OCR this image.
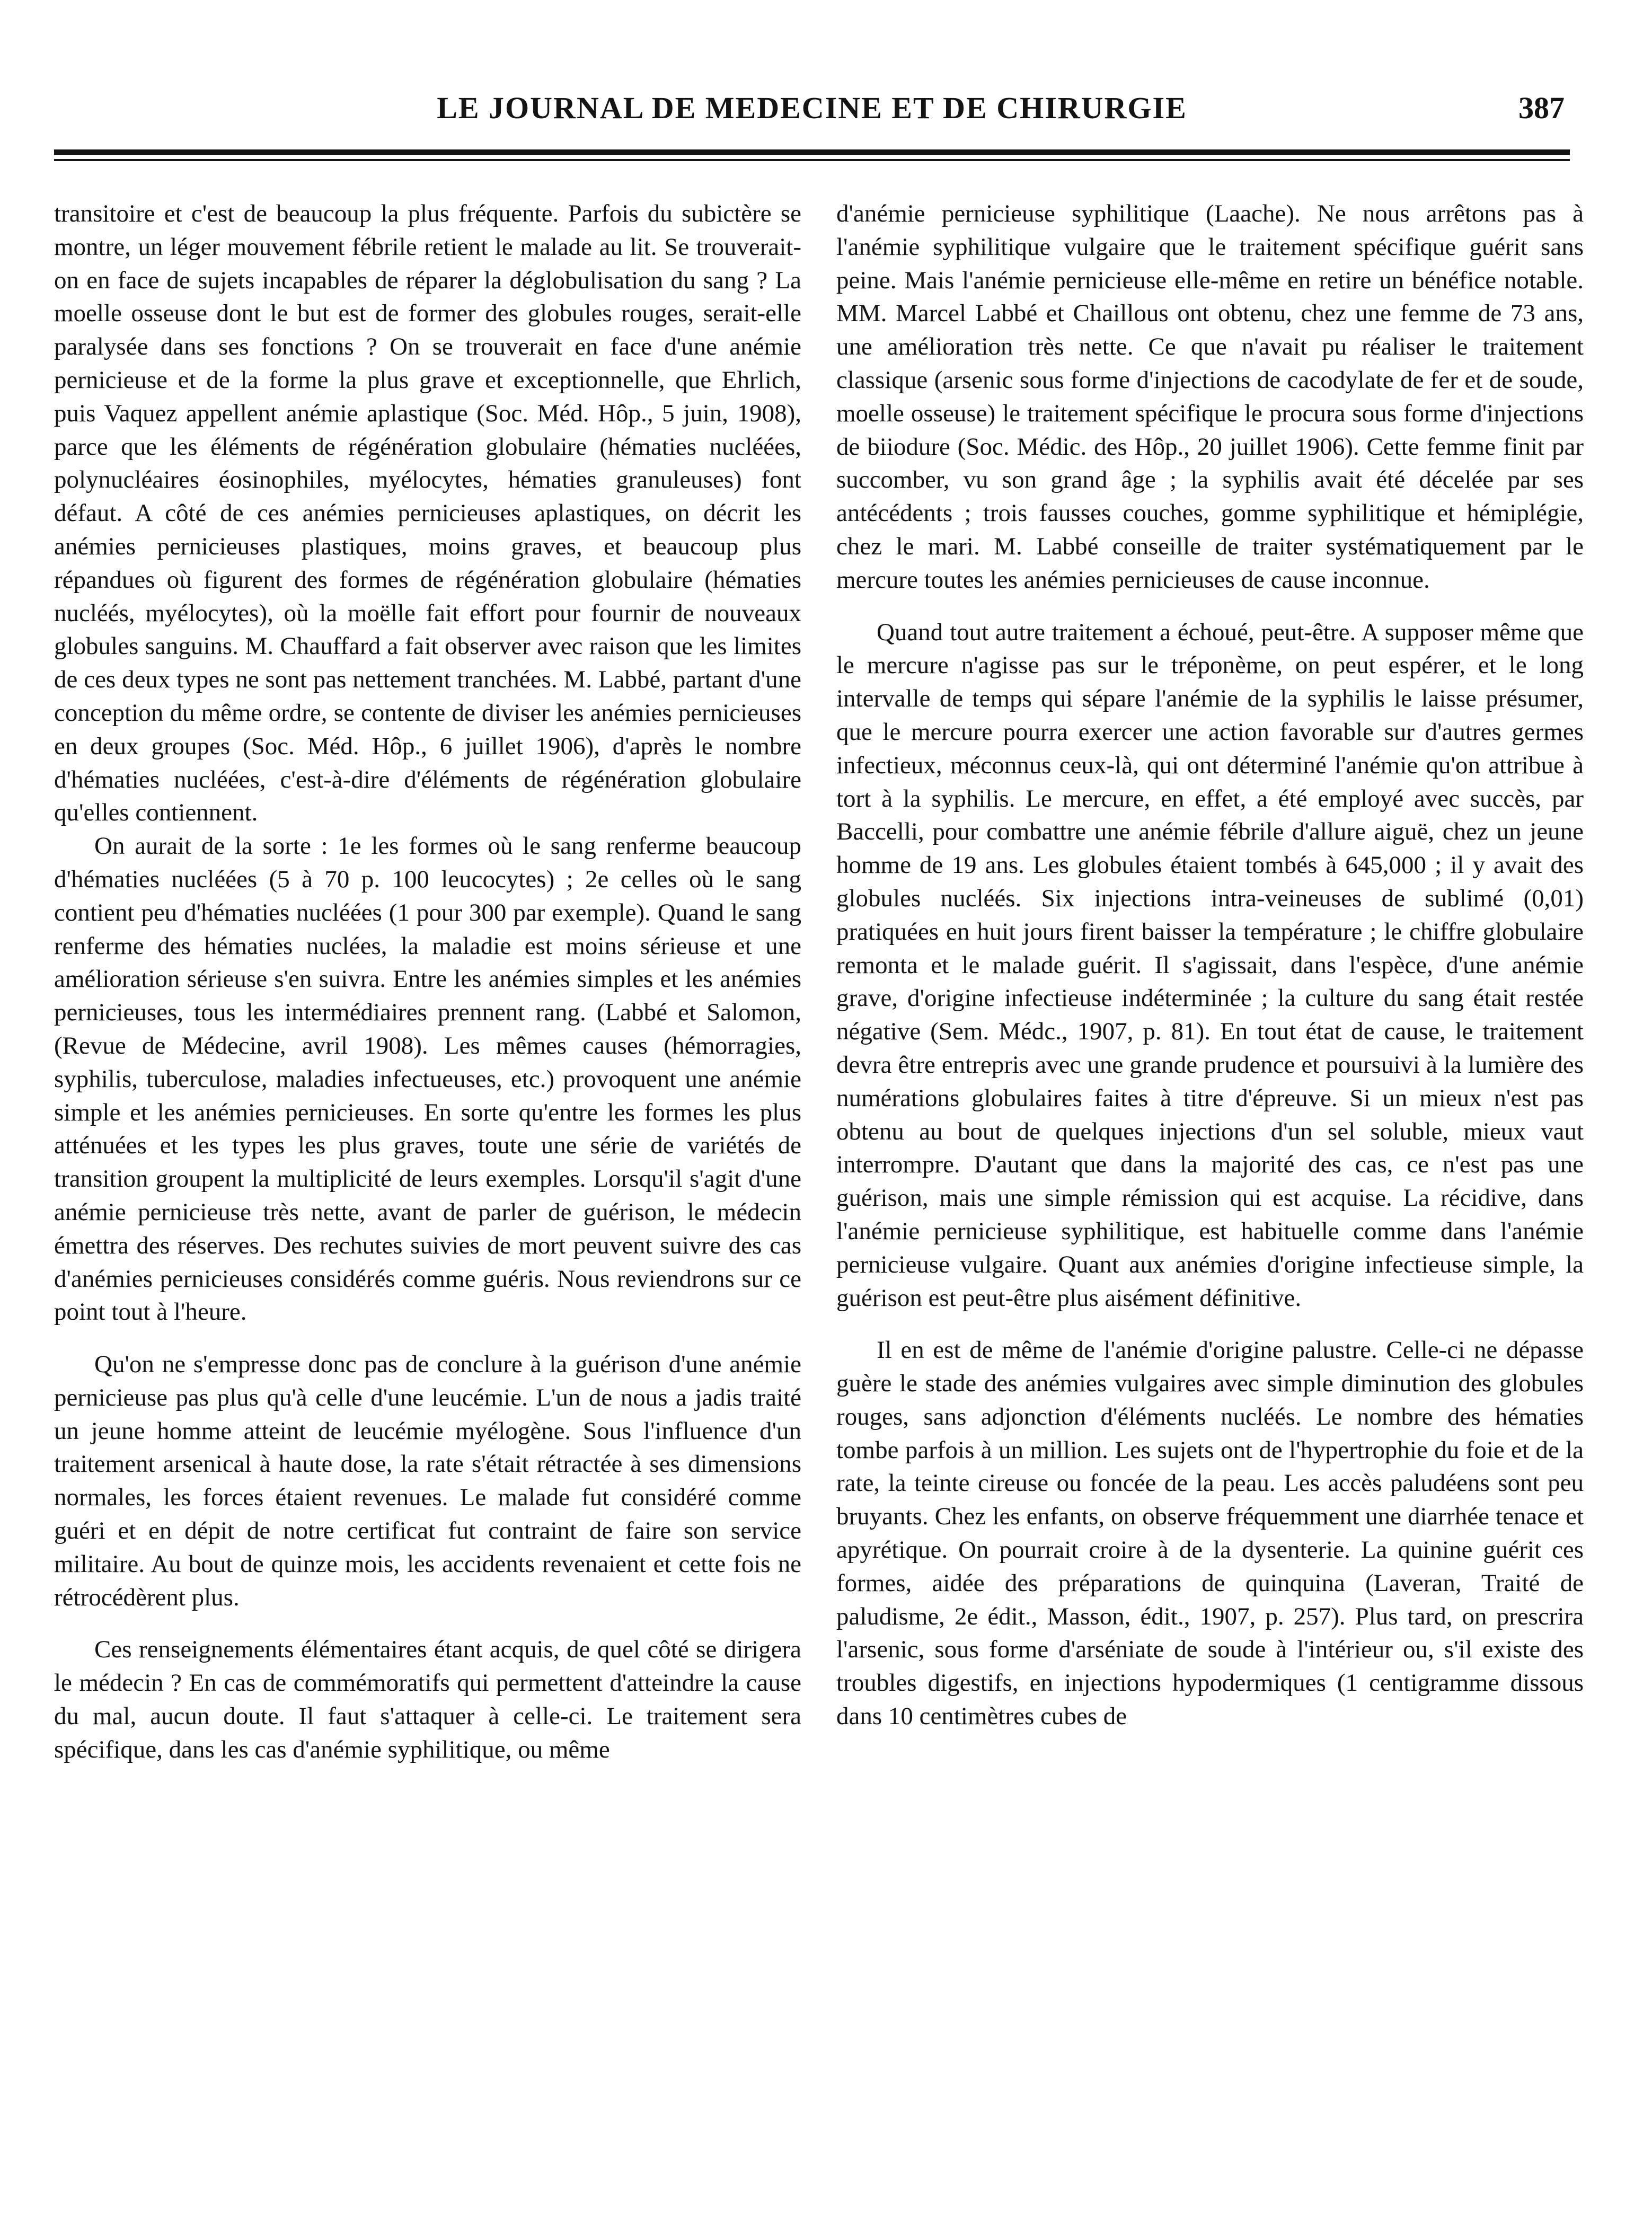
LE JOURNAL DE MEDECINE ET DE CHIRURGIE	387

transitoire et c'est de beaucoup la plus fréquente. Parfois du subictère se montre, un léger mouvement fébrile retient le malade au lit. Se trouverait-on en face de sujets incapables de réparer la déglobulisation du sang ? La moelle osseuse dont le but est de former des globules rouges, serait-elle paralysée dans ses fonctions ? On se trouverait en face d'une anémie pernicieuse et de la forme la plus grave et exceptionnelle, que Ehrlich, puis Vaquez appellent anémie aplastique (Soc. Méd. Hôp., 5 juin, 1908), parce que les éléments de régénération globulaire (hématies nucléées, polynucléaires éosinophiles, myélocytes, hématies granuleuses) font défaut. A côté de ces anémies pernicieuses aplastiques, on décrit les anémies pernicieuses plastiques, moins graves, et beaucoup plus répandues où figurent des formes de régénération globulaire (hématies nucléés, myélocytes), où la moëlle fait effort pour fournir de nouveaux globules sanguins. M. Chauffard a fait observer avec raison que les limites de ces deux types ne sont pas nettement tranchées. M. Labbé, partant d'une conception du même ordre, se contente de diviser les anémies pernicieuses en deux groupes (Soc. Méd. Hôp., 6 juillet 1906), d'après le nombre d'hématies nucléées, c'est-à-dire d'éléments de régénération globulaire qu'elles contiennent.

On aurait de la sorte : 1e les formes où le sang renferme beaucoup d'hématies nucléées (5 à 70 p. 100 leucocytes) ; 2e celles où le sang contient peu d'hématies nucléées (1 pour 300 par exemple). Quand le sang renferme des hématies nuclées, la maladie est moins sérieuse et une amélioration sérieuse s'en suivra. Entre les anémies simples et les anémies pernicieuses, tous les intermédiaires prennent rang. (Labbé et Salomon, (Revue de Médecine, avril 1908). Les mêmes causes (hémorragies, syphilis, tuberculose, maladies infectueuses, etc.) provoquent une anémie simple et les anémies pernicieuses. En sorte qu'entre les formes les plus atténuées et les types les plus graves, toute une série de variétés de transition groupent la multiplicité de leurs exemples. Lorsqu'il s'agit d'une anémie pernicieuse très nette, avant de parler de guérison, le médecin émettra des réserves. Des rechutes suivies de mort peuvent suivre des cas d'anémies pernicieuses considérés comme guéris. Nous reviendrons sur ce point tout à l'heure.

Qu'on ne s'empresse donc pas de conclure à la guérison d'une anémie pernicieuse pas plus qu'à celle d'une leucémie. L'un de nous a jadis traité un jeune homme atteint de leucémie myélogène. Sous l'influence d'un traitement arsenical à haute dose, la rate s'était rétractée à ses dimensions normales, les forces étaient revenues. Le malade fut considéré comme guéri et en dépit de notre certificat fut contraint de faire son service militaire. Au bout de quinze mois, les accidents revenaient et cette fois ne rétrocédèrent plus.

Ces renseignements élémentaires étant acquis, de quel côté se dirigera le médecin ? En cas de commémoratifs qui permettent d'atteindre la cause du mal, aucun doute. Il faut s'attaquer à celle-ci. Le traitement sera spécifique, dans les cas d'anémie syphilitique, ou même

d'anémie pernicieuse syphilitique (Laache). Ne nous arrêtons pas à l'anémie syphilitique vulgaire que le traitement spécifique guérit sans peine. Mais l'anémie pernicieuse elle-même en retire un bénéfice notable. MM. Marcel Labbé et Chaillous ont obtenu, chez une femme de 73 ans, une amélioration très nette. Ce que n'avait pu réaliser le traitement classique (arsenic sous forme d'injections de cacodylate de fer et de soude, moelle osseuse) le traitement spécifique le procura sous forme d'injections de biiodure (Soc. Médic. des Hôp., 20 juillet 1906). Cette femme finit par succomber, vu son grand âge ; la syphilis avait été décelée par ses antécédents ; trois fausses couches, gomme syphilitique et hémiplégie, chez le mari. M. Labbé conseille de traiter systématiquement par le mercure toutes les anémies pernicieuses de cause inconnue.

Quand tout autre traitement a échoué, peut-être. A supposer même que le mercure n'agisse pas sur le tréponème, on peut espérer, et le long intervalle de temps qui sépare l'anémie de la syphilis le laisse présumer, que le mercure pourra exercer une action favorable sur d'autres germes infectieux, méconnus ceux-là, qui ont déterminé l'anémie qu'on attribue à tort à la syphilis. Le mercure, en effet, a été employé avec succès, par Baccelli, pour combattre une anémie fébrile d'allure aiguë, chez un jeune homme de 19 ans. Les globules étaient tombés à 645,000 ; il y avait des globules nucléés. Six injections intra-veineuses de sublimé (0,01) pratiquées en huit jours firent baisser la température ; le chiffre globulaire remonta et le malade guérit. Il s'agissait, dans l'espèce, d'une anémie grave, d'origine infectieuse indéterminée ; la culture du sang était restée négative (Sem. Médc., 1907, p. 81). En tout état de cause, le traitement devra être entrepris avec une grande prudence et poursuivi à la lumière des numérations globulaires faites à titre d'épreuve. Si un mieux n'est pas obtenu au bout de quelques injections d'un sel soluble, mieux vaut interrompre. D'autant que dans la majorité des cas, ce n'est pas une guérison, mais une simple rémission qui est acquise. La récidive, dans l'anémie pernicieuse syphilitique, est habituelle comme dans l'anémie pernicieuse vulgaire. Quant aux anémies d'origine infectieuse simple, la guérison est peut-être plus aisément définitive.

Il en est de même de l'anémie d'origine palustre. Celle-ci ne dépasse guère le stade des anémies vulgaires avec simple diminution des globules rouges, sans adjonction d'éléments nucléés. Le nombre des hématies tombe parfois à un million. Les sujets ont de l'hypertrophie du foie et de la rate, la teinte cireuse ou foncée de la peau. Les accès paludéens sont peu bruyants. Chez les enfants, on observe fréquemment une diarrhée tenace et apyrétique. On pourrait croire à de la dysenterie. La quinine guérit ces formes, aidée des préparations de quinquina (Laveran, Traité de paludisme, 2e édit., Masson, édit., 1907, p. 257). Plus tard, on prescrira l'arsenic, sous forme d'arséniate de soude à l'intérieur ou, s'il existe des troubles digestifs, en injections hypodermiques (1 centigramme dissous dans 10 centimètres cubes de
